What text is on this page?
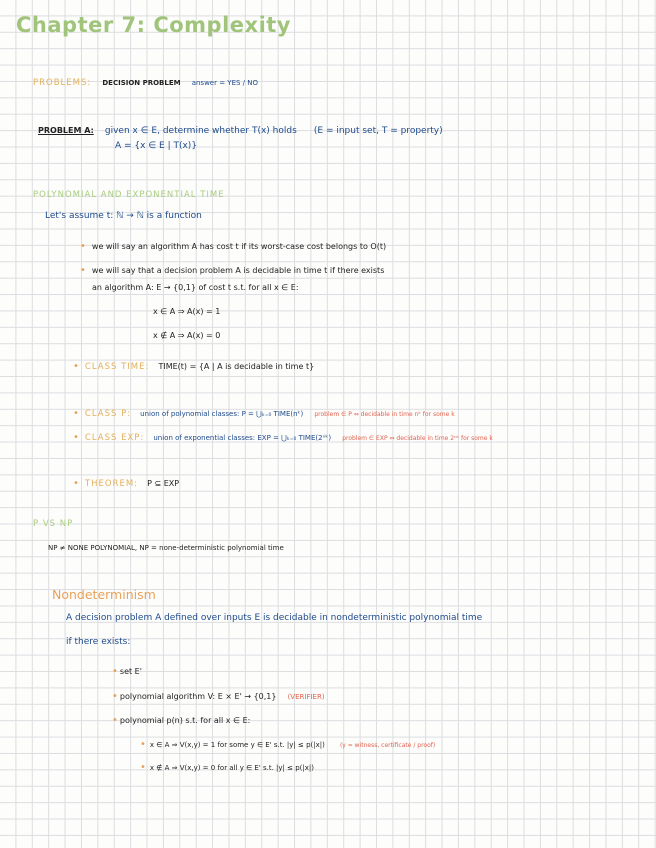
Chapter 7: Complexity
PROBLEMS: DECISION PROBLEM answer = YES / NO
PROBLEM A: given x ∈ E, determine whether T(x) holds (E = input set, T = property)
A = {x ∈ E | T(x)}
POLYNOMIAL AND EXPONENTIAL TIME
Let's assume t: ℕ → ℕ is a function
• we will say an algorithm A has cost t if its worst-case cost belongs to O(t)
• we will say that a decision problem A is decidable in time t if there exists
an algorithm A: E → {0,1} of cost t s.t. for all x ∈ E:
x ∈ A ⇒ A(x) = 1
x ∉ A ⇒ A(x) = 0
• CLASS TIME: TIME(t) = {A | A is decidable in time t}
• CLASS P: union of polynomial classes: P = ⋃ₖ₌₀ TIME(nᵏ) problem ∈ P ⇔ decidable in time nᵏ for some k
• CLASS EXP: union of exponential classes: EXP = ⋃ₖ₌₀ TIME(2ⁿᵏ) problem ∈ EXP ⇔ decidable in time 2ⁿᵏ for some k
• THEOREM: P ⊆ EXP
P VS NP
NP ≠ NONE POLYNOMIAL, NP = none-deterministic polynomial time
Nondeterminism
A decision problem A defined over inputs E is decidable in nondeterministic polynomial time
if there exists:
• set E'
• polynomial algorithm V: E × E' → {0,1} (VERIFIER)
• polynomial p(n) s.t. for all x ∈ E:
• x ∈ A ⇒ V(x,y) = 1 for some y ∈ E' s.t. |y| ≤ p(|x|)	(y = witness, certificate / proof)
• x ∉ A ⇒ V(x,y) = 0 for all y ∈ E' s.t. |y| ≤ p(|x|)
